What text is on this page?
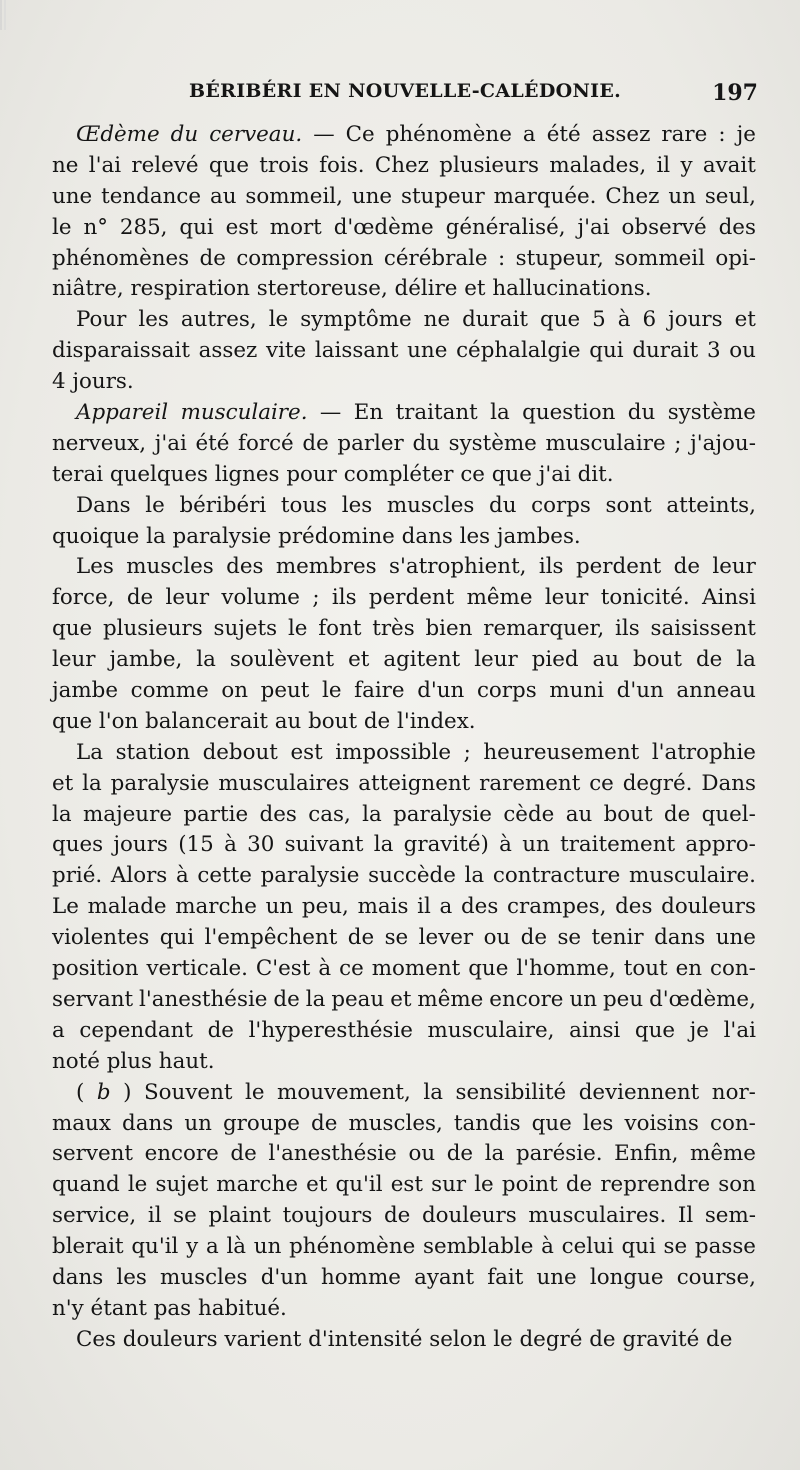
BÉRIBÉRI EN NOUVELLE-CALÉDONIE.	197
Œdème du cerveau. — Ce phénomène a été assez rare : je
ne l'ai relevé que trois fois. Chez plusieurs malades, il y avait
une tendance au sommeil, une stupeur marquée. Chez un seul,
le n° 285, qui est mort d'œdème généralisé, j'ai observé des
phénomènes de compression cérébrale : stupeur, sommeil opi-
niâtre, respiration stertoreuse, délire et hallucinations.
Pour les autres, le symptôme ne durait que 5 à 6 jours et
disparaissait assez vite laissant une céphalalgie qui durait 3 ou
4 jours.
Appareil musculaire. — En traitant la question du système
nerveux, j'ai été forcé de parler du système musculaire ; j'ajou-
terai quelques lignes pour compléter ce que j'ai dit.
Dans le béribéri tous les muscles du corps sont atteints,
quoique la paralysie prédomine dans les jambes.
Les muscles des membres s'atrophient, ils perdent de leur
force, de leur volume ; ils perdent même leur tonicité. Ainsi
que plusieurs sujets le font très bien remarquer, ils saisissent
leur jambe, la soulèvent et agitent leur pied au bout de la
jambe comme on peut le faire d'un corps muni d'un anneau
que l'on balancerait au bout de l'index.
La station debout est impossible ; heureusement l'atrophie
et la paralysie musculaires atteignent rarement ce degré. Dans
la majeure partie des cas, la paralysie cède au bout de quel-
ques jours (15 à 30 suivant la gravité) à un traitement appro-
prié. Alors à cette paralysie succède la contracture musculaire.
Le malade marche un peu, mais il a des crampes, des douleurs
violentes qui l'empêchent de se lever ou de se tenir dans une
position verticale. C'est à ce moment que l'homme, tout en con-
servant l'anesthésie de la peau et même encore un peu d'œdème,
a cependant de l'hyperesthésie musculaire, ainsi que je l'ai
noté plus haut.
( b ) Souvent le mouvement, la sensibilité deviennent nor-
maux dans un groupe de muscles, tandis que les voisins con-
servent encore de l'anesthésie ou de la parésie. Enfin, même
quand le sujet marche et qu'il est sur le point de reprendre son
service, il se plaint toujours de douleurs musculaires. Il sem-
blerait qu'il y a là un phénomène semblable à celui qui se passe
dans les muscles d'un homme ayant fait une longue course,
n'y étant pas habitué.
Ces douleurs varient d'intensité selon le degré de gravité de
